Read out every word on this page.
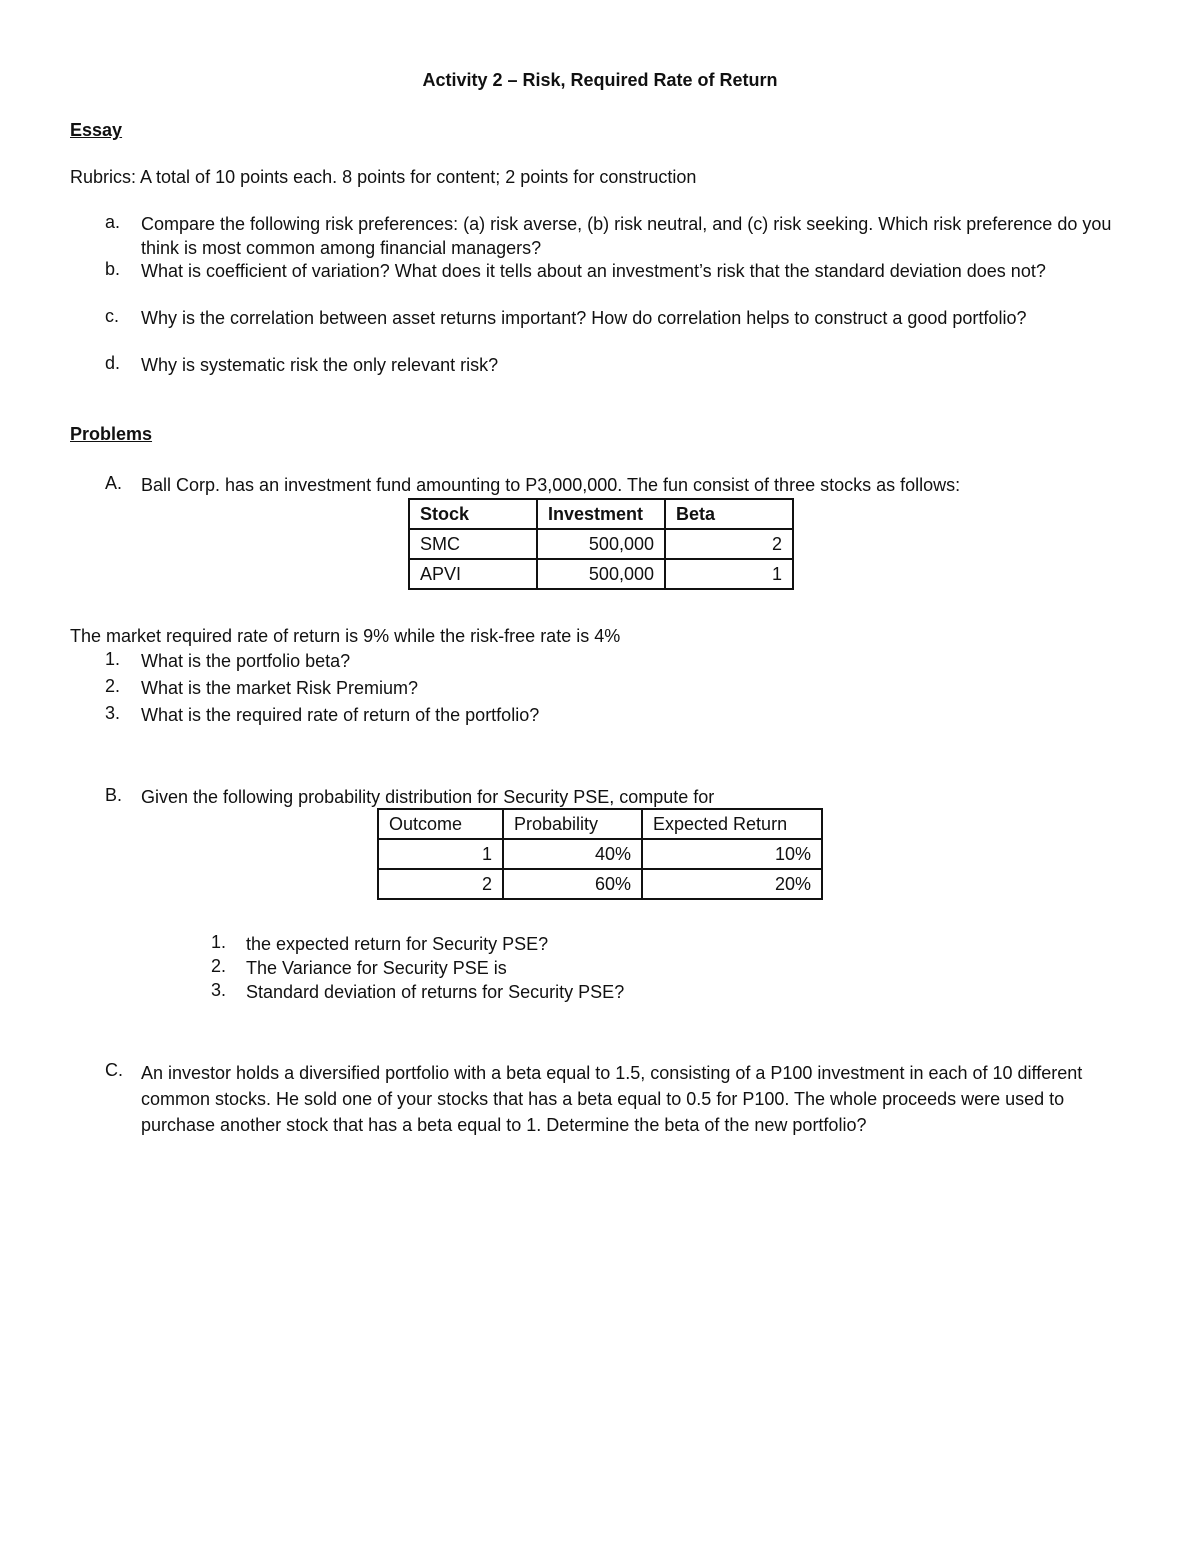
Activity 2 – Risk, Required Rate of Return
Essay
Rubrics: A total of 10 points each. 8 points for content; 2 points for construction
a. Compare the following risk preferences: (a) risk averse, (b) risk neutral, and (c) risk seeking. Which risk preference do you think is most common among financial managers?
b. What is coefficient of variation? What does it tells about an investment’s risk that the standard deviation does not?
c. Why is the correlation between asset returns important? How do correlation helps to construct a good portfolio?
d. Why is systematic risk the only relevant risk?
Problems
A. Ball Corp. has an investment fund amounting to P3,000,000. The fun consist of three stocks as follows:
Stock	Investment	Beta
SMC	500,000	2
APVI	500,000	1
The market required rate of return is 9% while the risk-free rate is 4%
1. What is the portfolio beta?
2. What is the market Risk Premium?
3. What is the required rate of return of the portfolio?
B. Given the following probability distribution for Security PSE, compute for
Outcome	Probability	Expected Return
1	40%	10%
2	60%	20%
1. the expected return for Security PSE?
2. The Variance for Security PSE is
3. Standard deviation of returns for Security PSE?
C. An investor holds a diversified portfolio with a beta equal to 1.5, consisting of a P100 investment in each of 10 different common stocks. He sold one of your stocks that has a beta equal to 0.5 for P100. The whole proceeds were used to purchase another stock that has a beta equal to 1. Determine the beta of the new portfolio?
